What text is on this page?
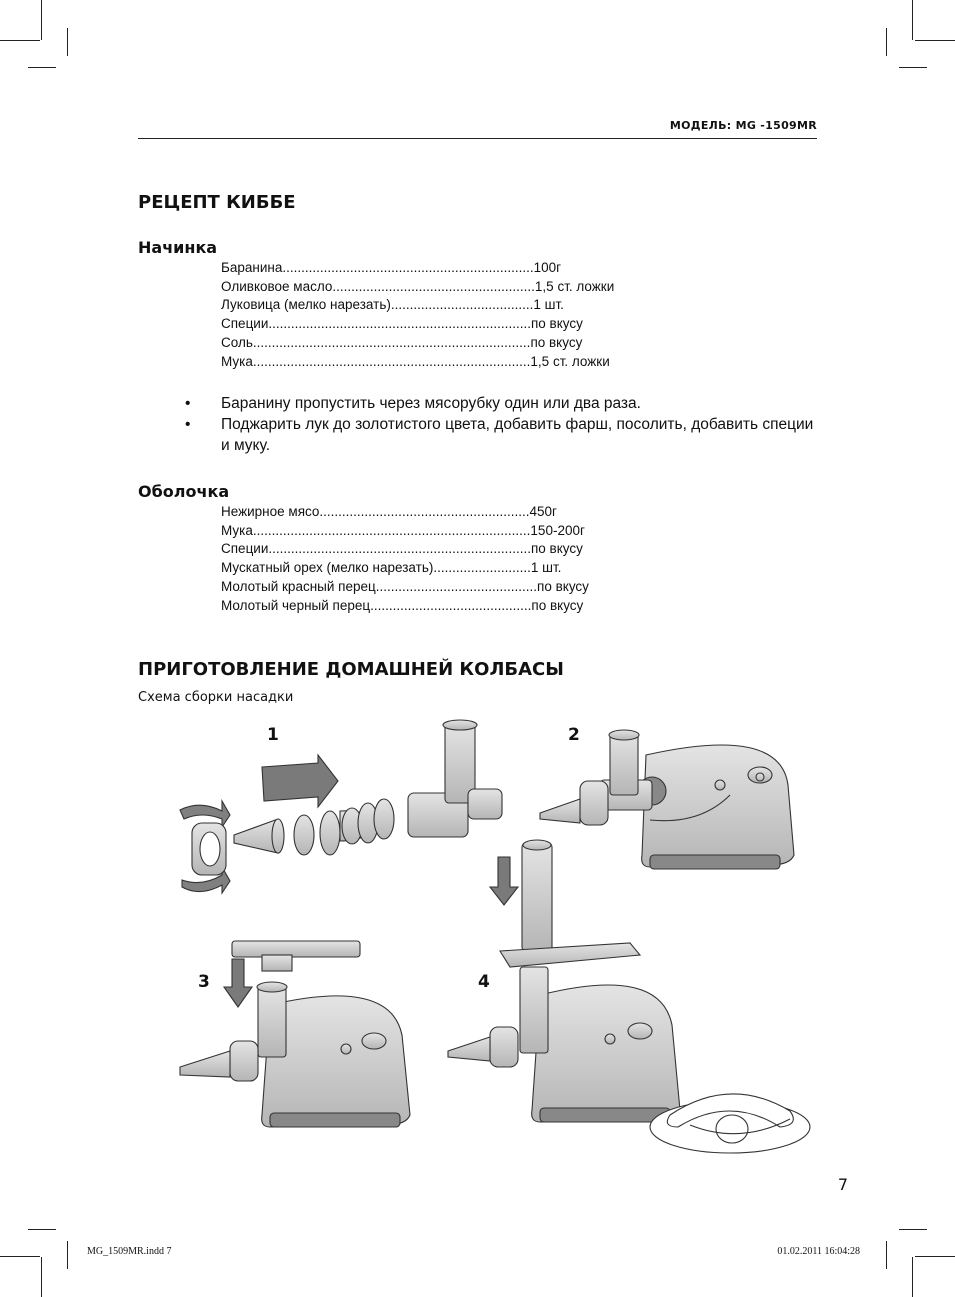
МОДЕЛЬ: MG -1509MR
РЕЦЕПТ КИББЕ
Начинка
Баранина ................................................................... 100г
Оливковое масло ...................................................... 1,5 ст. ложки
Луковица (мелко нарезать) ...................................... 1 шт.
Специи ...................................................................... по вкусу
Соль .......................................................................... по вкусу
Мука .......................................................................... 1,5 ст. ложки
• Баранину пропустить через мясорубку один или два раза.
• Поджарить лук до золотистого цвета, добавить фарш, посолить, добавить специи и муку.
Оболочка
Нежирное мясо ........................................................ 450г
Мука .......................................................................... 150-200г
Специи ...................................................................... по вкусу
Мускатный орех (мелко нарезать) .......................... 1 шт.
Молотый красный перец ........................................... по вкусу
Молотый черный перец ........................................... по вкусу
ПРИГОТОВЛЕНИЕ ДОМАШНЕЙ КОЛБАСЫ
Схема сборки насадки
1	2
3	4
7
MG_1509MR.indd 7	01.02.2011 16:04:28
